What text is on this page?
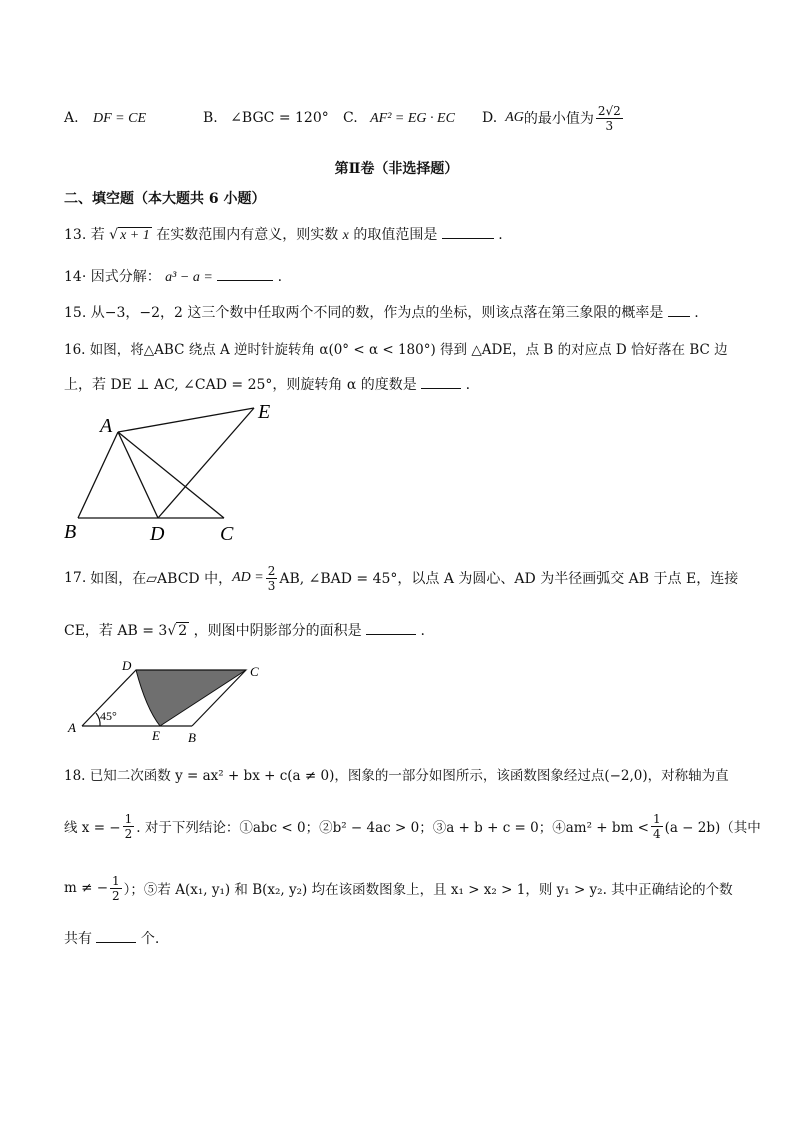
A. DF = CE	B. ∠BGC = 120° C. AF² = EG · EC D. AG 的最小值为 $\frac{2√2}{3}$
第Ⅱ卷（非选择题）
二、填空题（本大题共 6 小题）
13. 若 √ x + 1 在实数范围内有意义，则实数 x 的取值范围是	.
14· 因式分解： a³ − a =	.
15. 从−3，−2，2 这三个数中任取两个不同的数，作为点的坐标，则该点落在第三象限的概率是 .
16. 如图，将△ABC 绕点 A 逆时针旋转角 α(0° < α < 180°) 得到 △ADE，点 B 的对应点 D 恰好落在 BC 边
上，若 DE ⊥ AC, ∠CAD = 25°，则旋转角 α 的度数是	.
A
E
B	D	C
17. 如图，在▱ABCD 中， AD = $\frac{2}{3}$ AB, ∠BAD = 45°，以点 A 为圆心、AD 为半径画弧交 AB 于点 E，连接
CE，若 AB = 3√ 2 ，则图中阴影部分的面积是	.
D	C
A
45°
E B
18. 已知二次函数 y = ax² + bx + c(a ≠ 0)，图象的一部分如图所示，该函数图象经过点(−2,0)，对称轴为直
线 x = − $\frac{1}{2}$ . 对于下列结论：①abc < 0；②b² − 4ac > 0；③a + b + c = 0；④am² + bm < $\frac{1}{4} (a - 2b)$（其中
m ≠ − $\frac{1}{2}$ ）；⑤若 A(x₁, y₁) 和 B(x₂, y₂) 均在该函数图象上，且 x₁ > x₂ > 1，则 y₁ > y₂. 其中正确结论的个数
共有	个.
